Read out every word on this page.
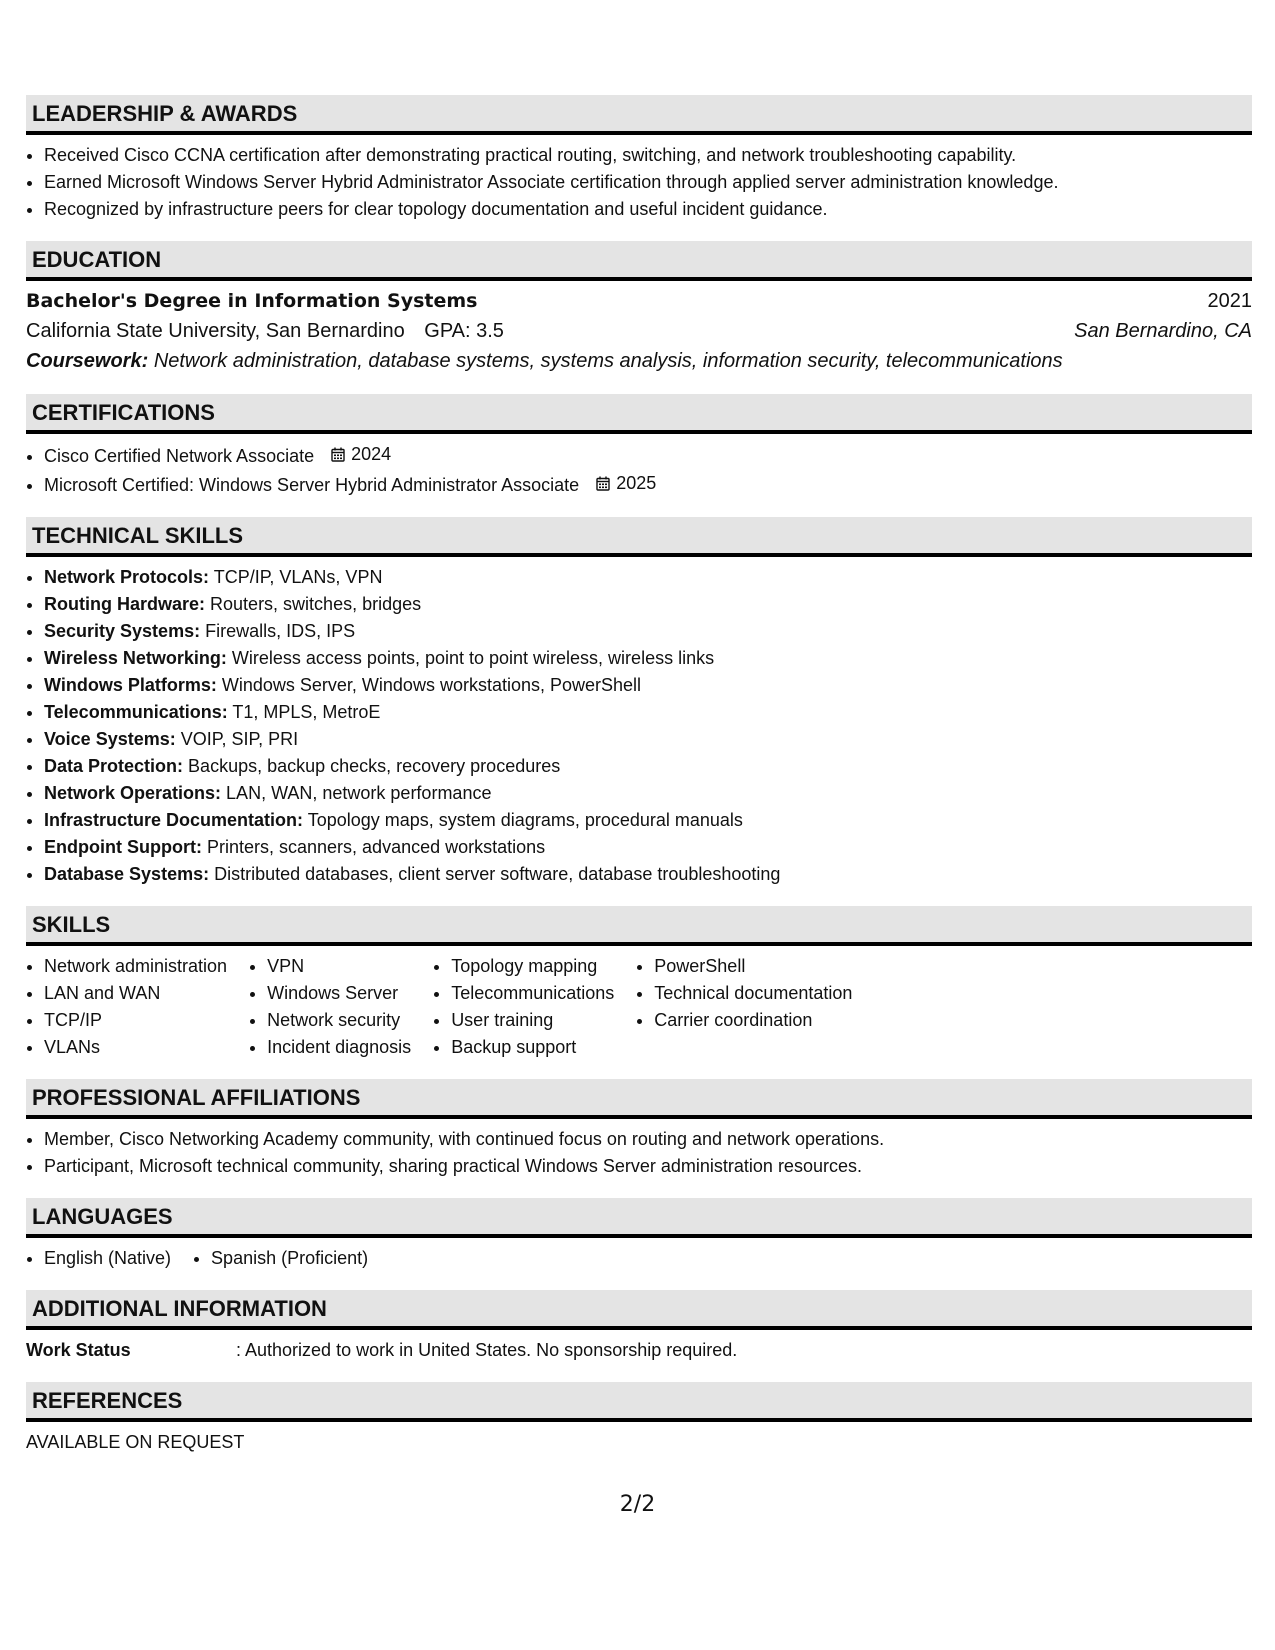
LEADERSHIP & AWARDS
• Received Cisco CCNA certification after demonstrating practical routing, switching, and network troubleshooting capability.
• Earned Microsoft Windows Server Hybrid Administrator Associate certification through applied server administration knowledge.
• Recognized by infrastructure peers for clear topology documentation and useful incident guidance.
EDUCATION
Bachelor's Degree in Information Systems	2021
California State University, San Bernardino GPA: 3.5	San Bernardino, CA
Coursework: Network administration, database systems, systems analysis, information security, telecommunications
CERTIFICATIONS
• Cisco Certified Network Associate 2024
• Microsoft Certified: Windows Server Hybrid Administrator Associate 2025
TECHNICAL SKILLS
• Network Protocols: TCP/IP, VLANs, VPN
• Routing Hardware: Routers, switches, bridges
• Security Systems: Firewalls, IDS, IPS
• Wireless Networking: Wireless access points, point to point wireless, wireless links
• Windows Platforms: Windows Server, Windows workstations, PowerShell
• Telecommunications: T1, MPLS, MetroE
• Voice Systems: VOIP, SIP, PRI
• Data Protection: Backups, backup checks, recovery procedures
• Network Operations: LAN, WAN, network performance
• Infrastructure Documentation: Topology maps, system diagrams, procedural manuals
• Endpoint Support: Printers, scanners, advanced workstations
• Database Systems: Distributed databases, client server software, database troubleshooting
SKILLS
• Network administration
• LAN and WAN
• TCP/IP
• VLANs
• VPN
• Windows Server
• Network security
• Incident diagnosis
• Topology mapping
• Telecommunications
• User training
• Backup support
• PowerShell
• Technical documentation
• Carrier coordination
PROFESSIONAL AFFILIATIONS
• Member, Cisco Networking Academy community, with continued focus on routing and network operations.
• Participant, Microsoft technical community, sharing practical Windows Server administration resources.
LANGUAGES
• English (Native)
• Spanish (Proficient)
ADDITIONAL INFORMATION
Work Status	: Authorized to work in United States. No sponsorship required.
REFERENCES
AVAILABLE ON REQUEST
2/2
